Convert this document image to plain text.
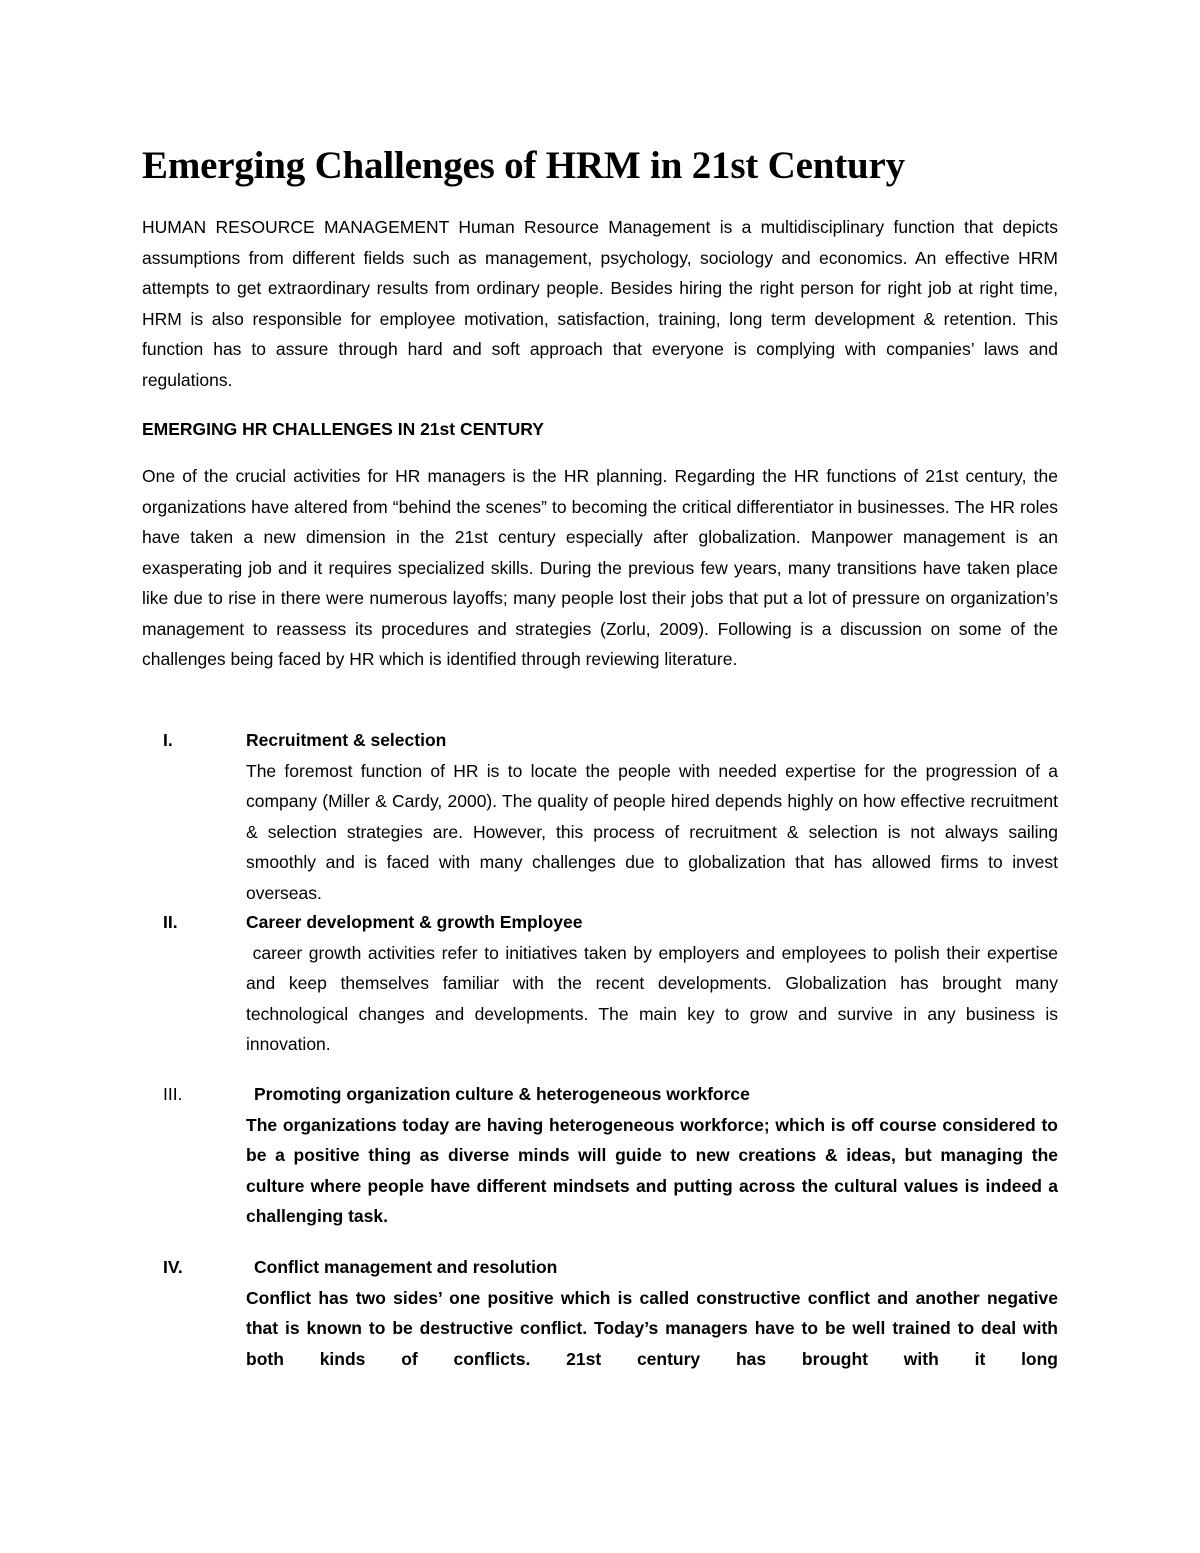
Emerging Challenges of HRM in 21st Century

HUMAN RESOURCE MANAGEMENT Human Resource Management is a multidisciplinary function that depicts assumptions from different fields such as management, psychology, sociology and economics. An effective HRM attempts to get extraordinary results from ordinary people. Besides hiring the right person for right job at right time, HRM is also responsible for employee motivation, satisfaction, training, long term development & retention. This function has to assure through hard and soft approach that everyone is complying with companies’ laws and regulations.

EMERGING HR CHALLENGES IN 21st CENTURY

One of the crucial activities for HR managers is the HR planning. Regarding the HR functions of 21st century, the organizations have altered from “behind the scenes” to becoming the critical differentiator in businesses. The HR roles have taken a new dimension in the 21st century especially after globalization. Manpower management is an exasperating job and it requires specialized skills. During the previous few years, many transitions have taken place like due to rise in there were numerous layoffs; many people lost their jobs that put a lot of pressure on organization’s management to reassess its procedures and strategies (Zorlu, 2009). Following is a discussion on some of the challenges being faced by HR which is identified through reviewing literature.

I.	Recruitment & selection

The foremost function of HR is to locate the people with needed expertise for the progression of a company (Miller & Cardy, 2000). The quality of people hired depends highly on how effective recruitment & selection strategies are. However, this process of recruitment & selection is not always sailing smoothly and is faced with many challenges due to globalization that has allowed firms to invest overseas.

II.	Career development & growth Employee

career growth activities refer to initiatives taken by employers and employees to polish their expertise and keep themselves familiar with the recent developments. Globalization has brought many technological changes and developments. The main key to grow and survive in any business is innovation.

III.	Promoting organization culture & heterogeneous workforce

The organizations today are having heterogeneous workforce; which is off course considered to be a positive thing as diverse minds will guide to new creations & ideas, but managing the culture where people have different mindsets and putting across the cultural values is indeed a challenging task.

IV.	Conflict management and resolution

Conflict has two sides’ one positive which is called constructive conflict and another negative that is known to be destructive conflict. Today’s managers have to be well trained to deal with both kinds of conflicts. 21st century has brought with it long
